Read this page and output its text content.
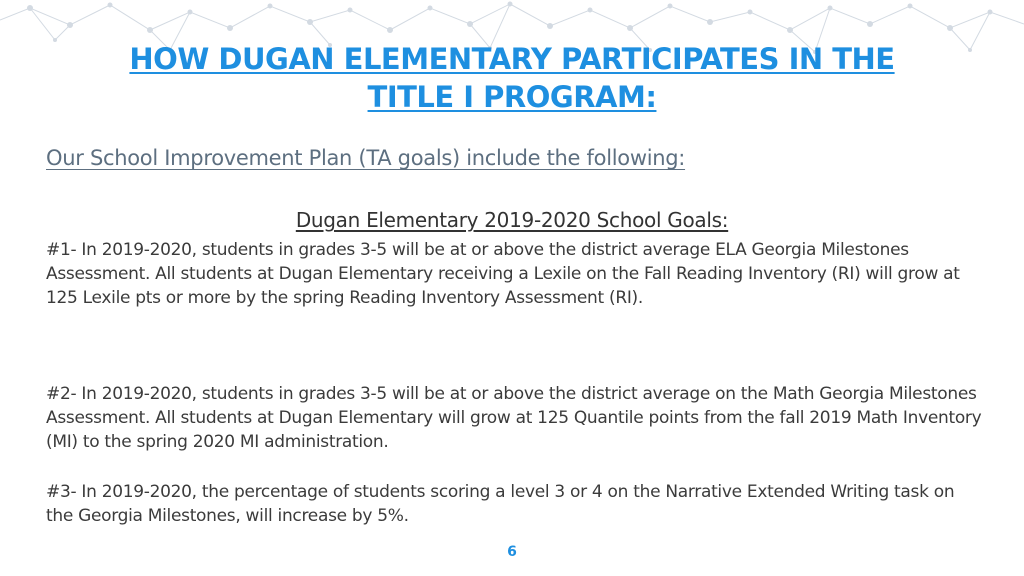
HOW DUGAN ELEMENTARY PARTICIPATES IN THE
TITLE I PROGRAM:
Our School Improvement Plan (TA goals) include the following:
Dugan Elementary 2019-2020 School Goals:

#1- In 2019-2020, students in grades 3-5 will be at or above the district average ELA Georgia Milestones Assessment. All students at Dugan Elementary receiving a Lexile on the Fall Reading Inventory (RI) will grow at 125 Lexile pts or more by the spring Reading Inventory Assessment (RI).

#2- In 2019-2020, students in grades 3-5 will be at or above the district average on the Math Georgia Milestones Assessment. All students at Dugan Elementary will grow at 125 Quantile points from the fall 2019 Math Inventory (MI) to the spring 2020 MI administration.

#3- In 2019-2020, the percentage of students scoring a level 3 or 4 on the Narrative Extended Writing task on the Georgia Milestones, will increase by 5%.

6
